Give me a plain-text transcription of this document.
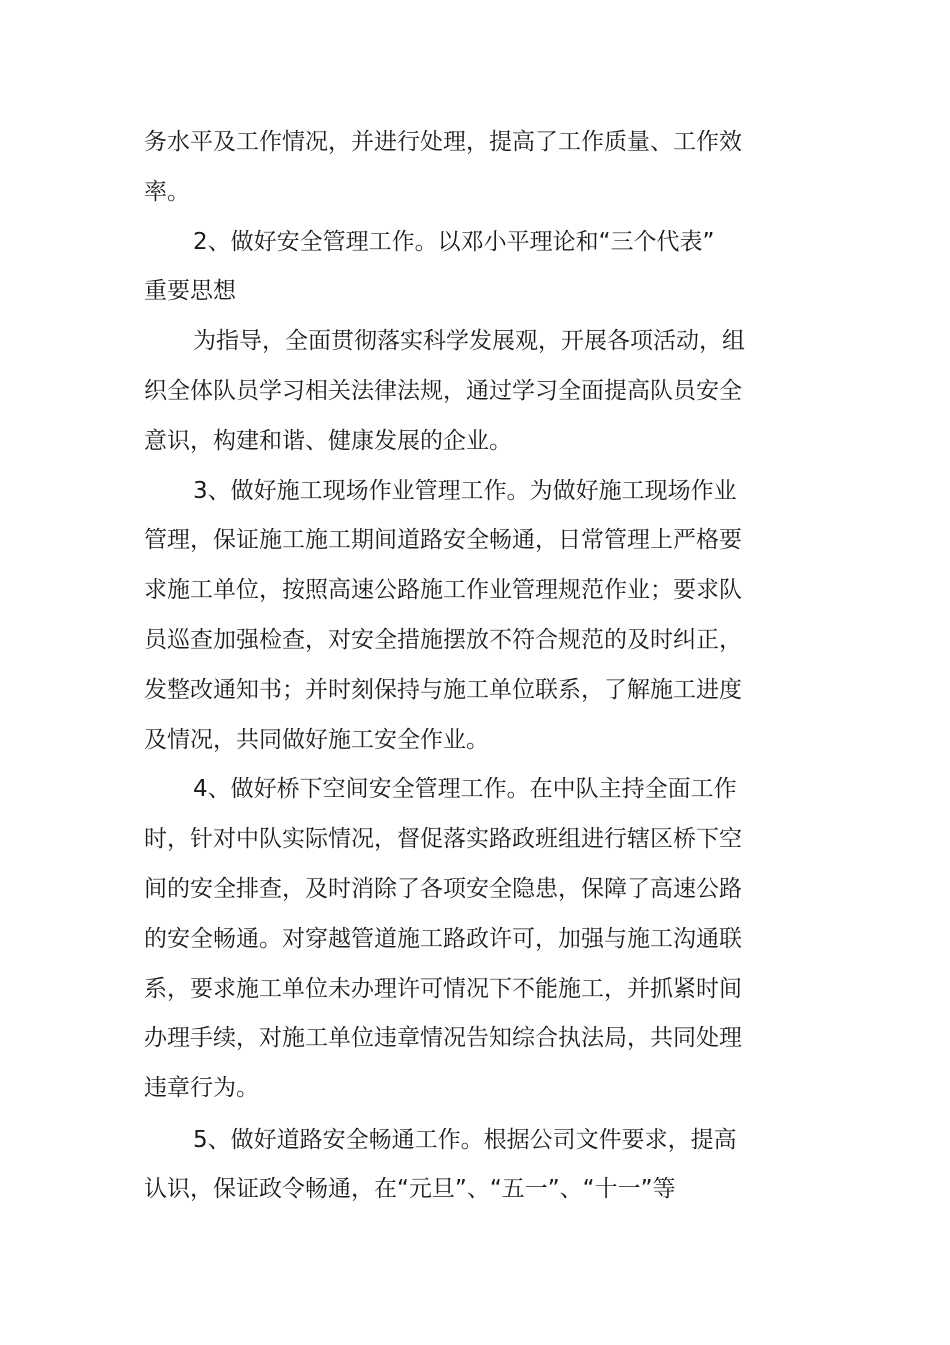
务水平及工作情况，并进行处理，提高了工作质量、工作效

率。

2、做好安全管理工作。以邓小平理论和“三个代表”

重要思想

为指导，全面贯彻落实科学发展观，开展各项活动，组

织全体队员学习相关法律法规，通过学习全面提高队员安全

意识，构建和谐、健康发展的企业。

3、做好施工现场作业管理工作。为做好施工现场作业

管理，保证施工施工期间道路安全畅通，日常管理上严格要

求施工单位，按照高速公路施工作业管理规范作业；要求队

员巡查加强检查，对安全措施摆放不符合规范的及时纠正，

发整改通知书；并时刻保持与施工单位联系，了解施工进度

及情况，共同做好施工安全作业。

4、做好桥下空间安全管理工作。在中队主持全面工作

时，针对中队实际情况，督促落实路政班组进行辖区桥下空

间的安全排查，及时消除了各项安全隐患，保障了高速公路

的安全畅通。对穿越管道施工路政许可，加强与施工沟通联

系，要求施工单位未办理许可情况下不能施工，并抓紧时间

办理手续，对施工单位违章情况告知综合执法局，共同处理

违章行为。

5、做好道路安全畅通工作。根据公司文件要求，提高

认识，保证政令畅通，在“元旦”、“五一”、“十一”等
